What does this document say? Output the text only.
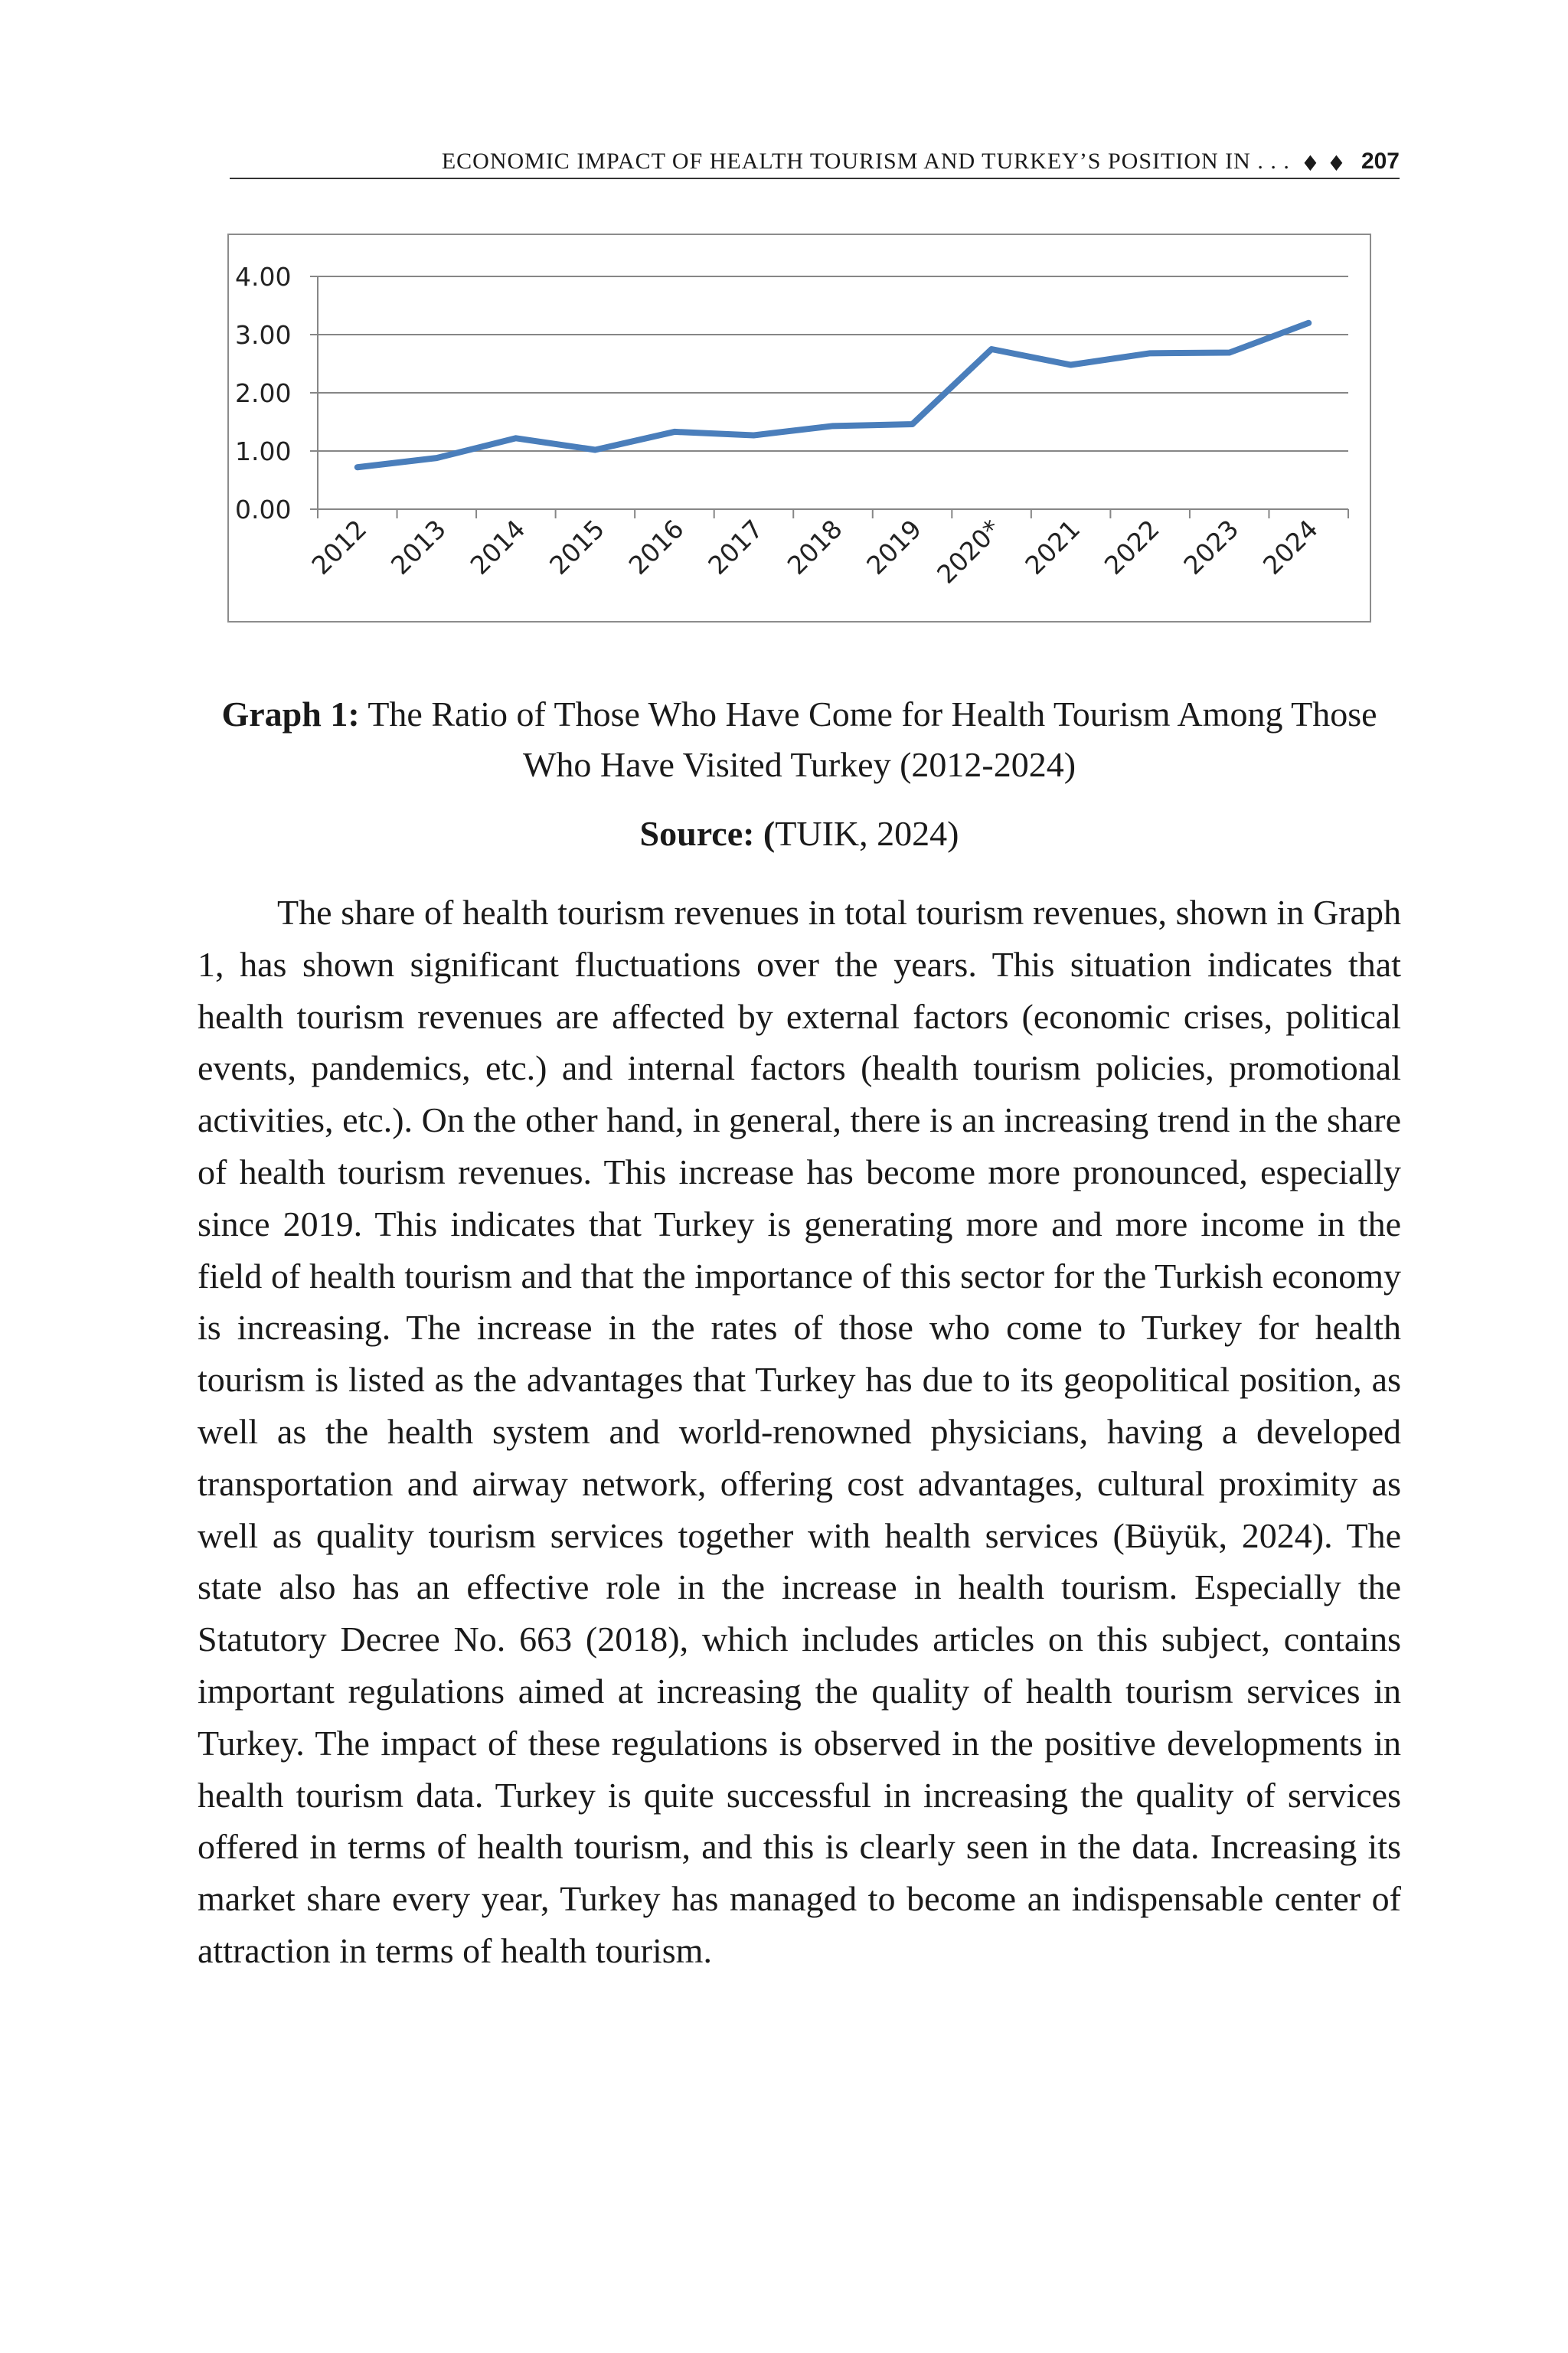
ECONOMIC IMPACT OF HEALTH TOURISM AND TURKEY’S POSITION IN . . . ♦ ♦ 207
0.00
1.00
2.00
3.00
4.00
2012 2013 2014 2015 2016 2017 2018 2019 2020* 2021 2022 2023 2024
Graph 1: The Ratio of Those Who Have Come for Health Tourism Among Those Who Have Visited Turkey (2012-2024)
Source: (TUIK, 2024)

The share of health tourism revenues in total tourism revenues, shown in Graph 1, has shown significant fluctuations over the years. This situation indicates that health tourism revenues are affected by external factors (economic crises, political events, pandemics, etc.) and internal factors (health tourism policies, promotional activities, etc.). On the other hand, in general, there is an increasing trend in the share of health tourism revenues. This increase has become more pronounced, especially since 2019. This indicates that Turkey is generating more and more income in the field of health tourism and that the importance of this sector for the Turkish economy is increasing. The increase in the rates of those who come to Turkey for health tourism is listed as the advantages that Turkey has due to its geopolitical position, as well as the health system and world-renowned physicians, having a developed transportation and airway network, offering cost advantages, cultural proximity as well as quality tourism services together with health services (Büyük, 2024). The state also has an effective role in the increase in health tourism. Especially the Statutory Decree No. 663 (2018), which includes articles on this subject, contains important regulations aimed at increasing the quality of health tourism services in Turkey. The impact of these regulations is observed in the positive developments in health tourism data. Turkey is quite successful in increasing the quality of services offered in terms of health tourism, and this is clearly seen in the data. Increasing its market share every year, Turkey has managed to become an indispensable center of attraction in terms of health tourism.
